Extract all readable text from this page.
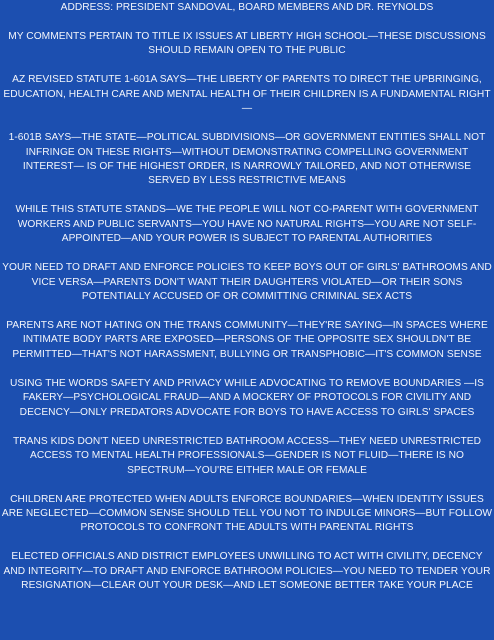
ADDRESS: PRESIDENT SANDOVAL, BOARD MEMBERS AND DR. REYNOLDS

MY COMMENTS PERTAIN TO TITLE IX ISSUES AT LIBERTY HIGH SCHOOL—THESE DISCUSSIONS SHOULD REMAIN OPEN TO THE PUBLIC

AZ REVISED STATUTE 1-601A SAYS—THE LIBERTY OF PARENTS TO DIRECT THE UPBRINGING, EDUCATION, HEALTH CARE AND MENTAL HEALTH OF THEIR CHILDREN IS A FUNDAMENTAL RIGHT—

1-601B SAYS—THE STATE—POLITICAL SUBDIVISIONS—OR GOVERNMENT ENTITIES SHALL NOT INFRINGE ON THESE RIGHTS—WITHOUT DEMONSTRATING COMPELLING GOVERNMENT INTEREST— IS OF THE HIGHEST ORDER, IS NARROWLY TAILORED, AND NOT OTHERWISE SERVED BY LESS RESTRICTIVE MEANS

WHILE THIS STATUTE STANDS—WE THE PEOPLE WILL NOT CO-PARENT WITH GOVERNMENT WORKERS AND PUBLIC SERVANTS—YOU HAVE NO NATURAL RIGHTS—YOU ARE NOT SELF-APPOINTED—AND YOUR POWER IS SUBJECT TO PARENTAL AUTHORITIES

YOUR NEED TO DRAFT AND ENFORCE POLICIES TO KEEP BOYS OUT OF GIRLS' BATHROOMS AND VICE VERSA—PARENTS DON'T WANT THEIR DAUGHTERS VIOLATED—OR THEIR SONS POTENTIALLY ACCUSED OF OR COMMITTING CRIMINAL SEX ACTS

PARENTS ARE NOT HATING ON THE TRANS COMMUNITY—THEY'RE SAYING—IN SPACES WHERE INTIMATE BODY PARTS ARE EXPOSED—PERSONS OF THE OPPOSITE SEX SHOULDN'T BE PERMITTED—THAT'S NOT HARASSMENT, BULLYING OR TRANSPHOBIC—IT'S COMMON SENSE

USING THE WORDS SAFETY AND PRIVACY WHILE ADVOCATING TO REMOVE BOUNDARIES —IS FAKERY—PSYCHOLOGICAL FRAUD—AND A MOCKERY OF PROTOCOLS FOR CIVILITY AND DECENCY—ONLY PREDATORS ADVOCATE FOR BOYS TO HAVE ACCESS TO GIRLS' SPACES

TRANS KIDS DON'T NEED UNRESTRICTED BATHROOM ACCESS—THEY NEED UNRESTRICTED ACCESS TO MENTAL HEALTH PROFESSIONALS—GENDER IS NOT FLUID—THERE IS NO SPECTRUM—YOU'RE EITHER MALE OR FEMALE

CHILDREN ARE PROTECTED WHEN ADULTS ENFORCE BOUNDARIES—WHEN IDENTITY ISSUES ARE NEGLECTED—COMMON SENSE SHOULD TELL YOU NOT TO INDULGE MINORS—BUT FOLLOW PROTOCOLS TO CONFRONT THE ADULTS WITH PARENTAL RIGHTS

ELECTED OFFICIALS AND DISTRICT EMPLOYEES UNWILLING TO ACT WITH CIVILITY, DECENCY AND INTEGRITY—TO DRAFT AND ENFORCE BATHROOM POLICIES—YOU NEED TO TENDER YOUR RESIGNATION—CLEAR OUT YOUR DESK—AND LET SOMEONE BETTER TAKE YOUR PLACE
